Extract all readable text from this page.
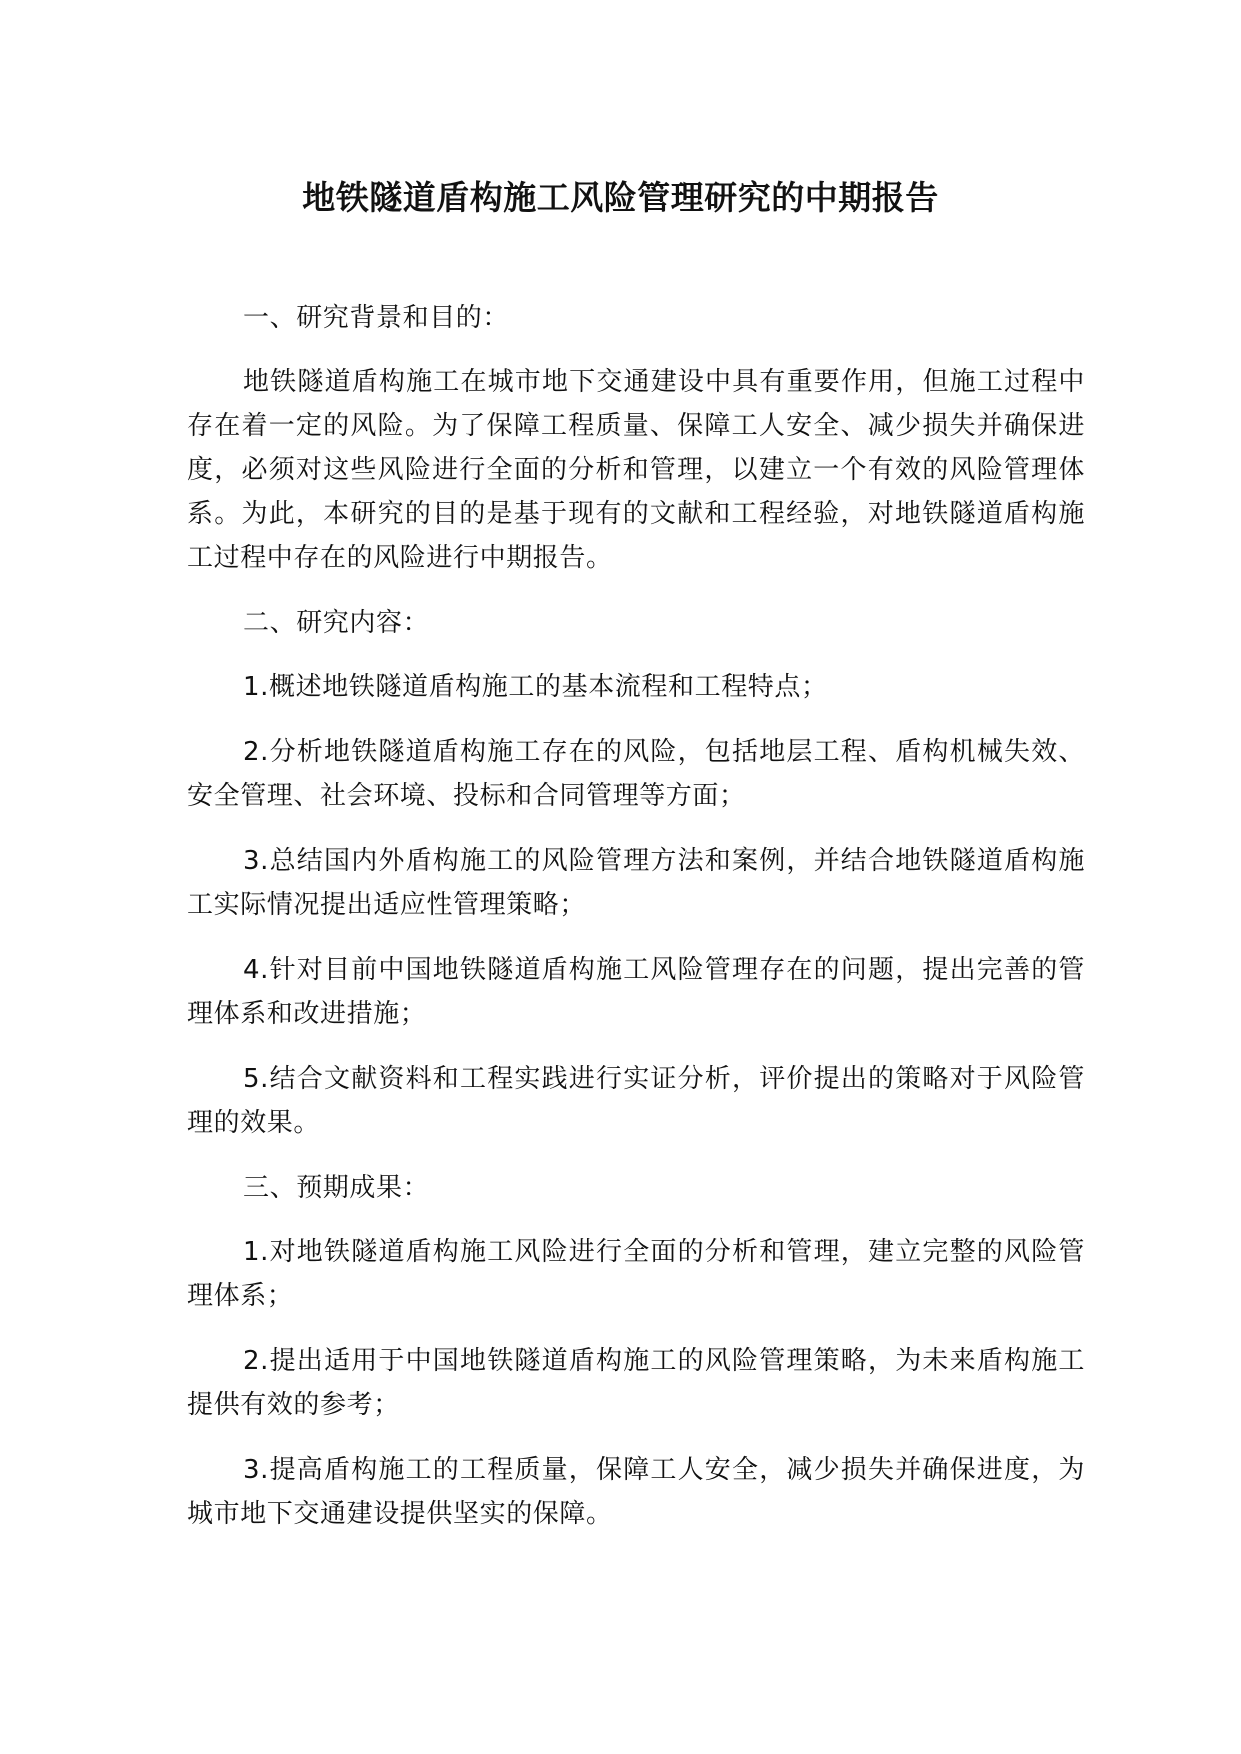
地铁隧道盾构施工风险管理研究的中期报告

一、研究背景和目的：

地铁隧道盾构施工在城市地下交通建设中具有重要作用，但施工过程中存在着一定的风险。为了保障工程质量、保障工人安全、减少损失并确保进度，必须对这些风险进行全面的分析和管理，以建立一个有效的风险管理体系。为此，本研究的目的是基于现有的文献和工程经验，对地铁隧道盾构施工过程中存在的风险进行中期报告。

二、研究内容：

1.概述地铁隧道盾构施工的基本流程和工程特点；

2.分析地铁隧道盾构施工存在的风险，包括地层工程、盾构机械失效、安全管理、社会环境、投标和合同管理等方面；

3.总结国内外盾构施工的风险管理方法和案例，并结合地铁隧道盾构施工实际情况提出适应性管理策略；

4.针对目前中国地铁隧道盾构施工风险管理存在的问题，提出完善的管理体系和改进措施；

5.结合文献资料和工程实践进行实证分析，评价提出的策略对于风险管理的效果。

三、预期成果：

1.对地铁隧道盾构施工风险进行全面的分析和管理，建立完整的风险管理体系；

2.提出适用于中国地铁隧道盾构施工的风险管理策略，为未来盾构施工提供有效的参考；

3.提高盾构施工的工程质量，保障工人安全，减少损失并确保进度，为城市地下交通建设提供坚实的保障。
